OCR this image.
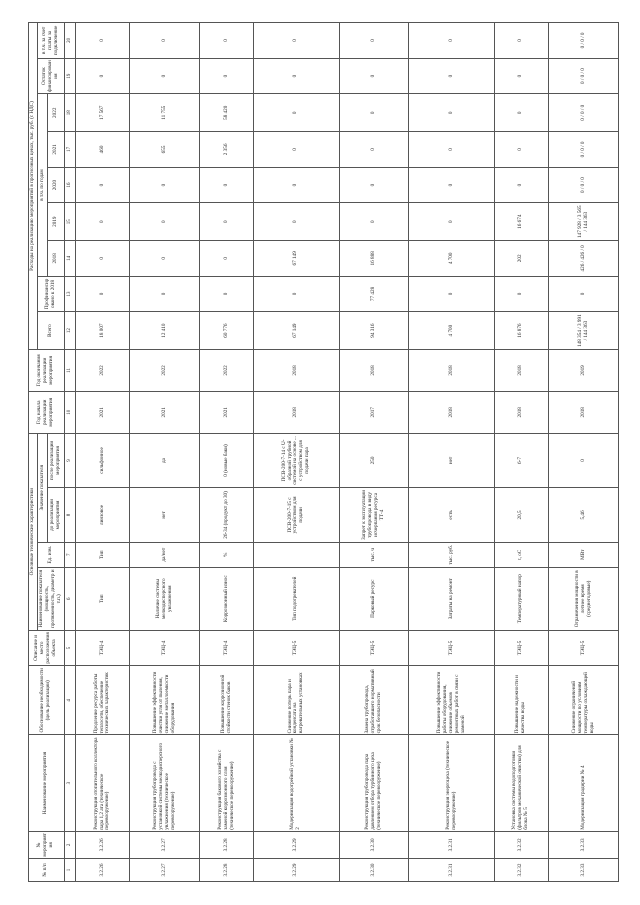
№ п/п	№ мероприятия	Наименование мероприятия	Обоснование необходимости (цель реализации)	Описание и место расположения объекта	Основные технические характеристики				Год начала реализации мероприятия	Год окончания реализации мероприятия	Расходы на реализацию мероприятий в прогнозных ценах, тыс. руб. (с НДС)								
					Наименование показателя (мощность, протяженность, диаметр и т.п.)	Ед. изм.	Значение показателя				Всего	Профинансировано к 2018	в т.ч. по годам					Остаток финансирования	в т.ч. за счет платы за подключение
							до реализации мероприятия	после реализации мероприятия					2018	2019	2020	2021	2022		
1	2	3	4	5	6	7	8	9	10	11	12	13	14	15	16	17	18	19	20
3.2.26	3.2.26	Реконструкция отопительного коллектора пара 1,2 ата (техническое перевооружение)	Продление ресурса работы теплосети, обеспечение технических характеристик	ТЭЦ-4	Тип	Тип	линзовое	сильфонное	2021	2022	18 007	0	0	0	0	460	17 567	0	0
3.2.27	3.2.27	Реконструкция трубопровода с установкой системы мелкодисперсного увлажнения (техническое перевооружение)	Повышение эффективности очистки угля от пыления, снижение металлоемкости оборудования	ТЭЦ-4	Наличие системы мелкодисперсного увлажнения	да/нет	нет	да	2021	2022	12 410	0	0	0	0	655	11 755	0	0
3.2.28	3.2.28	Реконструкция бакового хозяйства с заменой коррозионного слоя (техническое перевооружение)	Повышение коррозионной стойкости стенок баков	ТЭЦ-4	Коррозионный износ	%	26-34 (продукт до 30)	0 (новые баки)	2021	2022	60 776	0	0	0	0	2 356	58 420	0	0
3.2.29	3.2.29	Модернизация водогрейной установки № 2	Снижение потерь пара и конденсата на нагревательных установках	ТЭЦ-5	Тип подогревателей		ПСВ-200-7-15 с устройством для подачи	ПСВ-200-7-14 с U-образной трубной системой на основе ... с устройством для подачи пара	2018	2018	67 149	0	67 149	0	0	0	0	0	0
3.2.30	3.2.30	Реконструкция трубопровода пара давлением отбора турбинного цеха (техническое перевооружение)	Замена трубопровода, отработавшего нормативный срок безопасности	ТЭЦ-5	Парковый ресурс	тыс. ч	Запрет к эксплуатации трубопровода в виду исчерпания ресурса ТТ-4	250	2017	2018	94 316	77 428	16 888	0	0	0	0	0	0
3.2.31	3.2.31	Реконструкция энергоцеха (техническое перевооружение)	Повышение эффективности работы оборудования, снижение объемов ремонтных работ в связи с заменой	ТЭЦ-5	Затраты на ремонт	тыс. руб.	есть	нет	2018	2018	4 700	0	4 700	0	0	0	0	0	0
3.2.32	3.2.32	Установка системы водоподготовки (фильтров механической очистки) для блока № 5	Повышение надежности и качества воды	ТЭЦ-5	Температурный напор	t, oC	20,5	6-7	2018	2018	16 876	0	202	16 674	0	0	0	0	0
3.2.33	3.2.33	Модернизация градирни № 4	Снижение ограничений мощности по условиям температуры охлаждающей воды	ТЭЦ-5	Ограничения мощности в летнее время (среднегодовые)	МВт	5,46	0	2018	2019	148 354 / 3 991 / 144 363	0	426 / 426 / 0	147 928 / 3 565 / 144 363	0 / 0 / 0	0 / 0 / 0	0 / 0 / 0	0 / 0 / 0	0 / 0 / 0
